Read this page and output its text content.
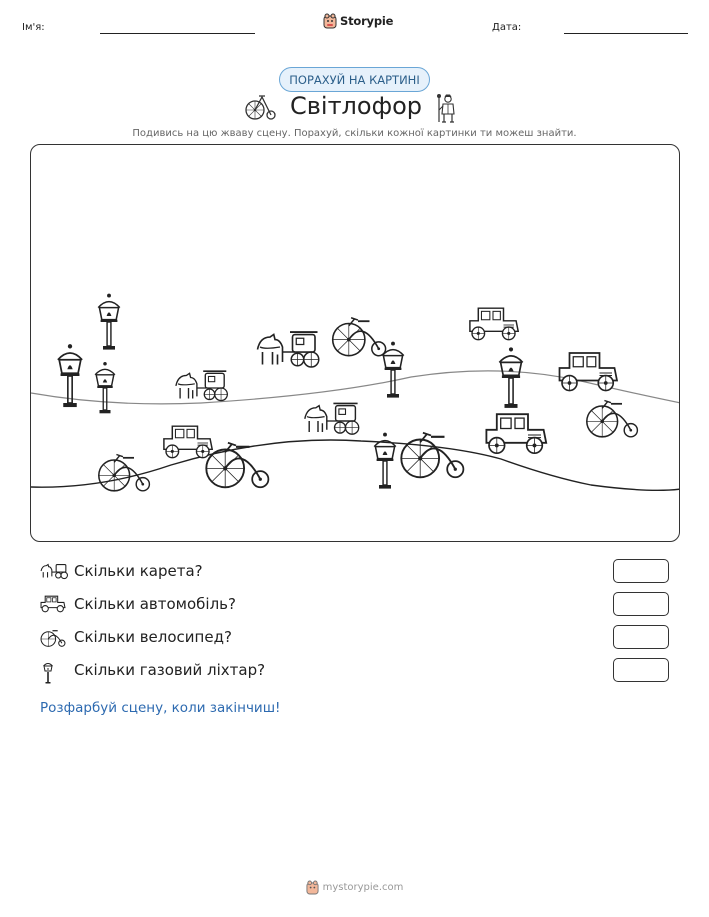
Ім'я:	Storypie	Дата:
ПОРАХУЙ НА КАРТИНІ
Світлофор
Подивись на цю жваву сцену. Порахуй, скільки кожної картинки ти можеш знайти.
Скільки карета?
Скільки автомобіль?
Скільки велосипед?
Скільки газовий ліхтар?
Розфарбуй сцену, коли закінчиш!
mystorypie.com
